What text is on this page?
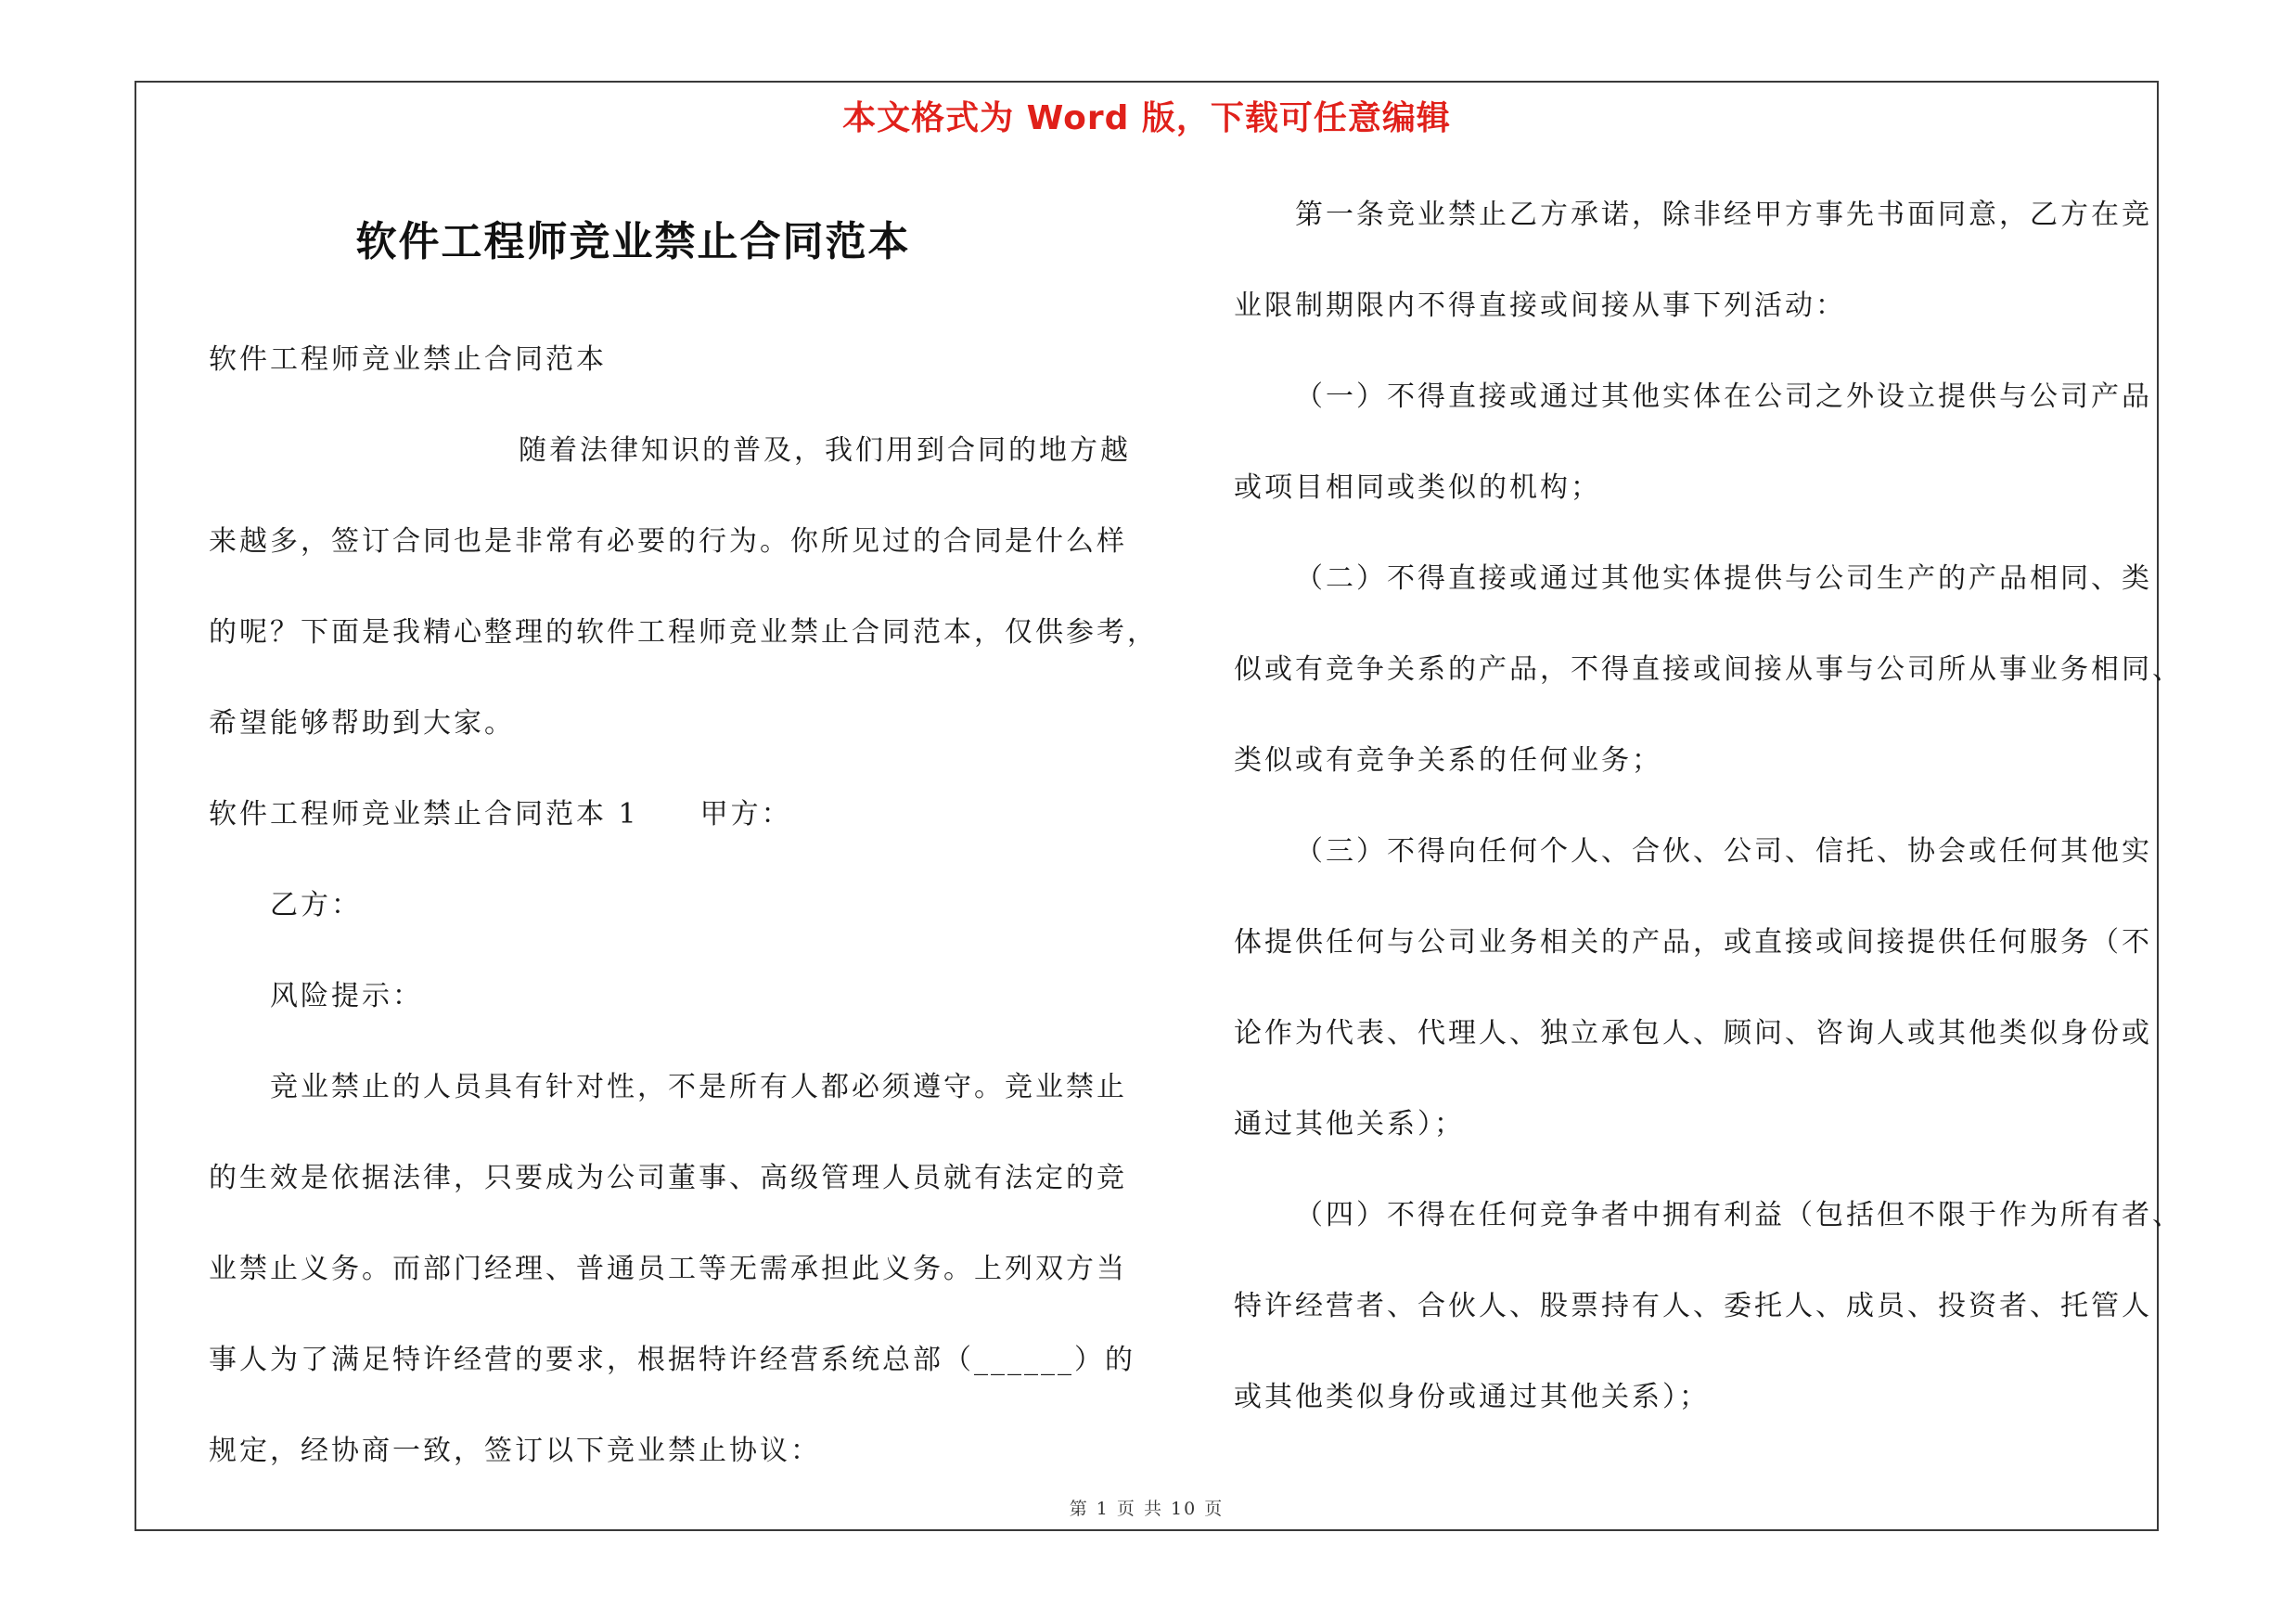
本文格式为 Word 版，下载可任意编辑
软件工程师竞业禁止合同范本
软件工程师竞业禁止合同范本
随着法律知识的普及，我们用到合同的地方越
来越多，签订合同也是非常有必要的行为。你所见过的合同是什么样
的呢？下面是我精心整理的软件工程师竞业禁止合同范本，仅供参考，
希望能够帮助到大家。
软件工程师竞业禁止合同范本 1　　甲方：
乙方：
风险提示：
竞业禁止的人员具有针对性，不是所有人都必须遵守。竞业禁止
的生效是依据法律，只要成为公司董事、高级管理人员就有法定的竞
业禁止义务。而部门经理、普通员工等无需承担此义务。上列双方当
事人为了满足特许经营的要求，根据特许经营系统总部（______）的
规定，经协商一致，签订以下竞业禁止协议：
第一条竞业禁止乙方承诺，除非经甲方事先书面同意，乙方在竞
业限制期限内不得直接或间接从事下列活动：
（一）不得直接或通过其他实体在公司之外设立提供与公司产品
或项目相同或类似的机构；
（二）不得直接或通过其他实体提供与公司生产的产品相同、类
似或有竞争关系的产品，不得直接或间接从事与公司所从事业务相同、
类似或有竞争关系的任何业务；
（三）不得向任何个人、合伙、公司、信托、协会或任何其他实
体提供任何与公司业务相关的产品，或直接或间接提供任何服务（不
论作为代表、代理人、独立承包人、顾问、咨询人或其他类似身份或
通过其他关系）；
（四）不得在任何竞争者中拥有利益（包括但不限于作为所有者、
特许经营者、合伙人、股票持有人、委托人、成员、投资者、托管人
或其他类似身份或通过其他关系）；
第 1 页 共 10 页
